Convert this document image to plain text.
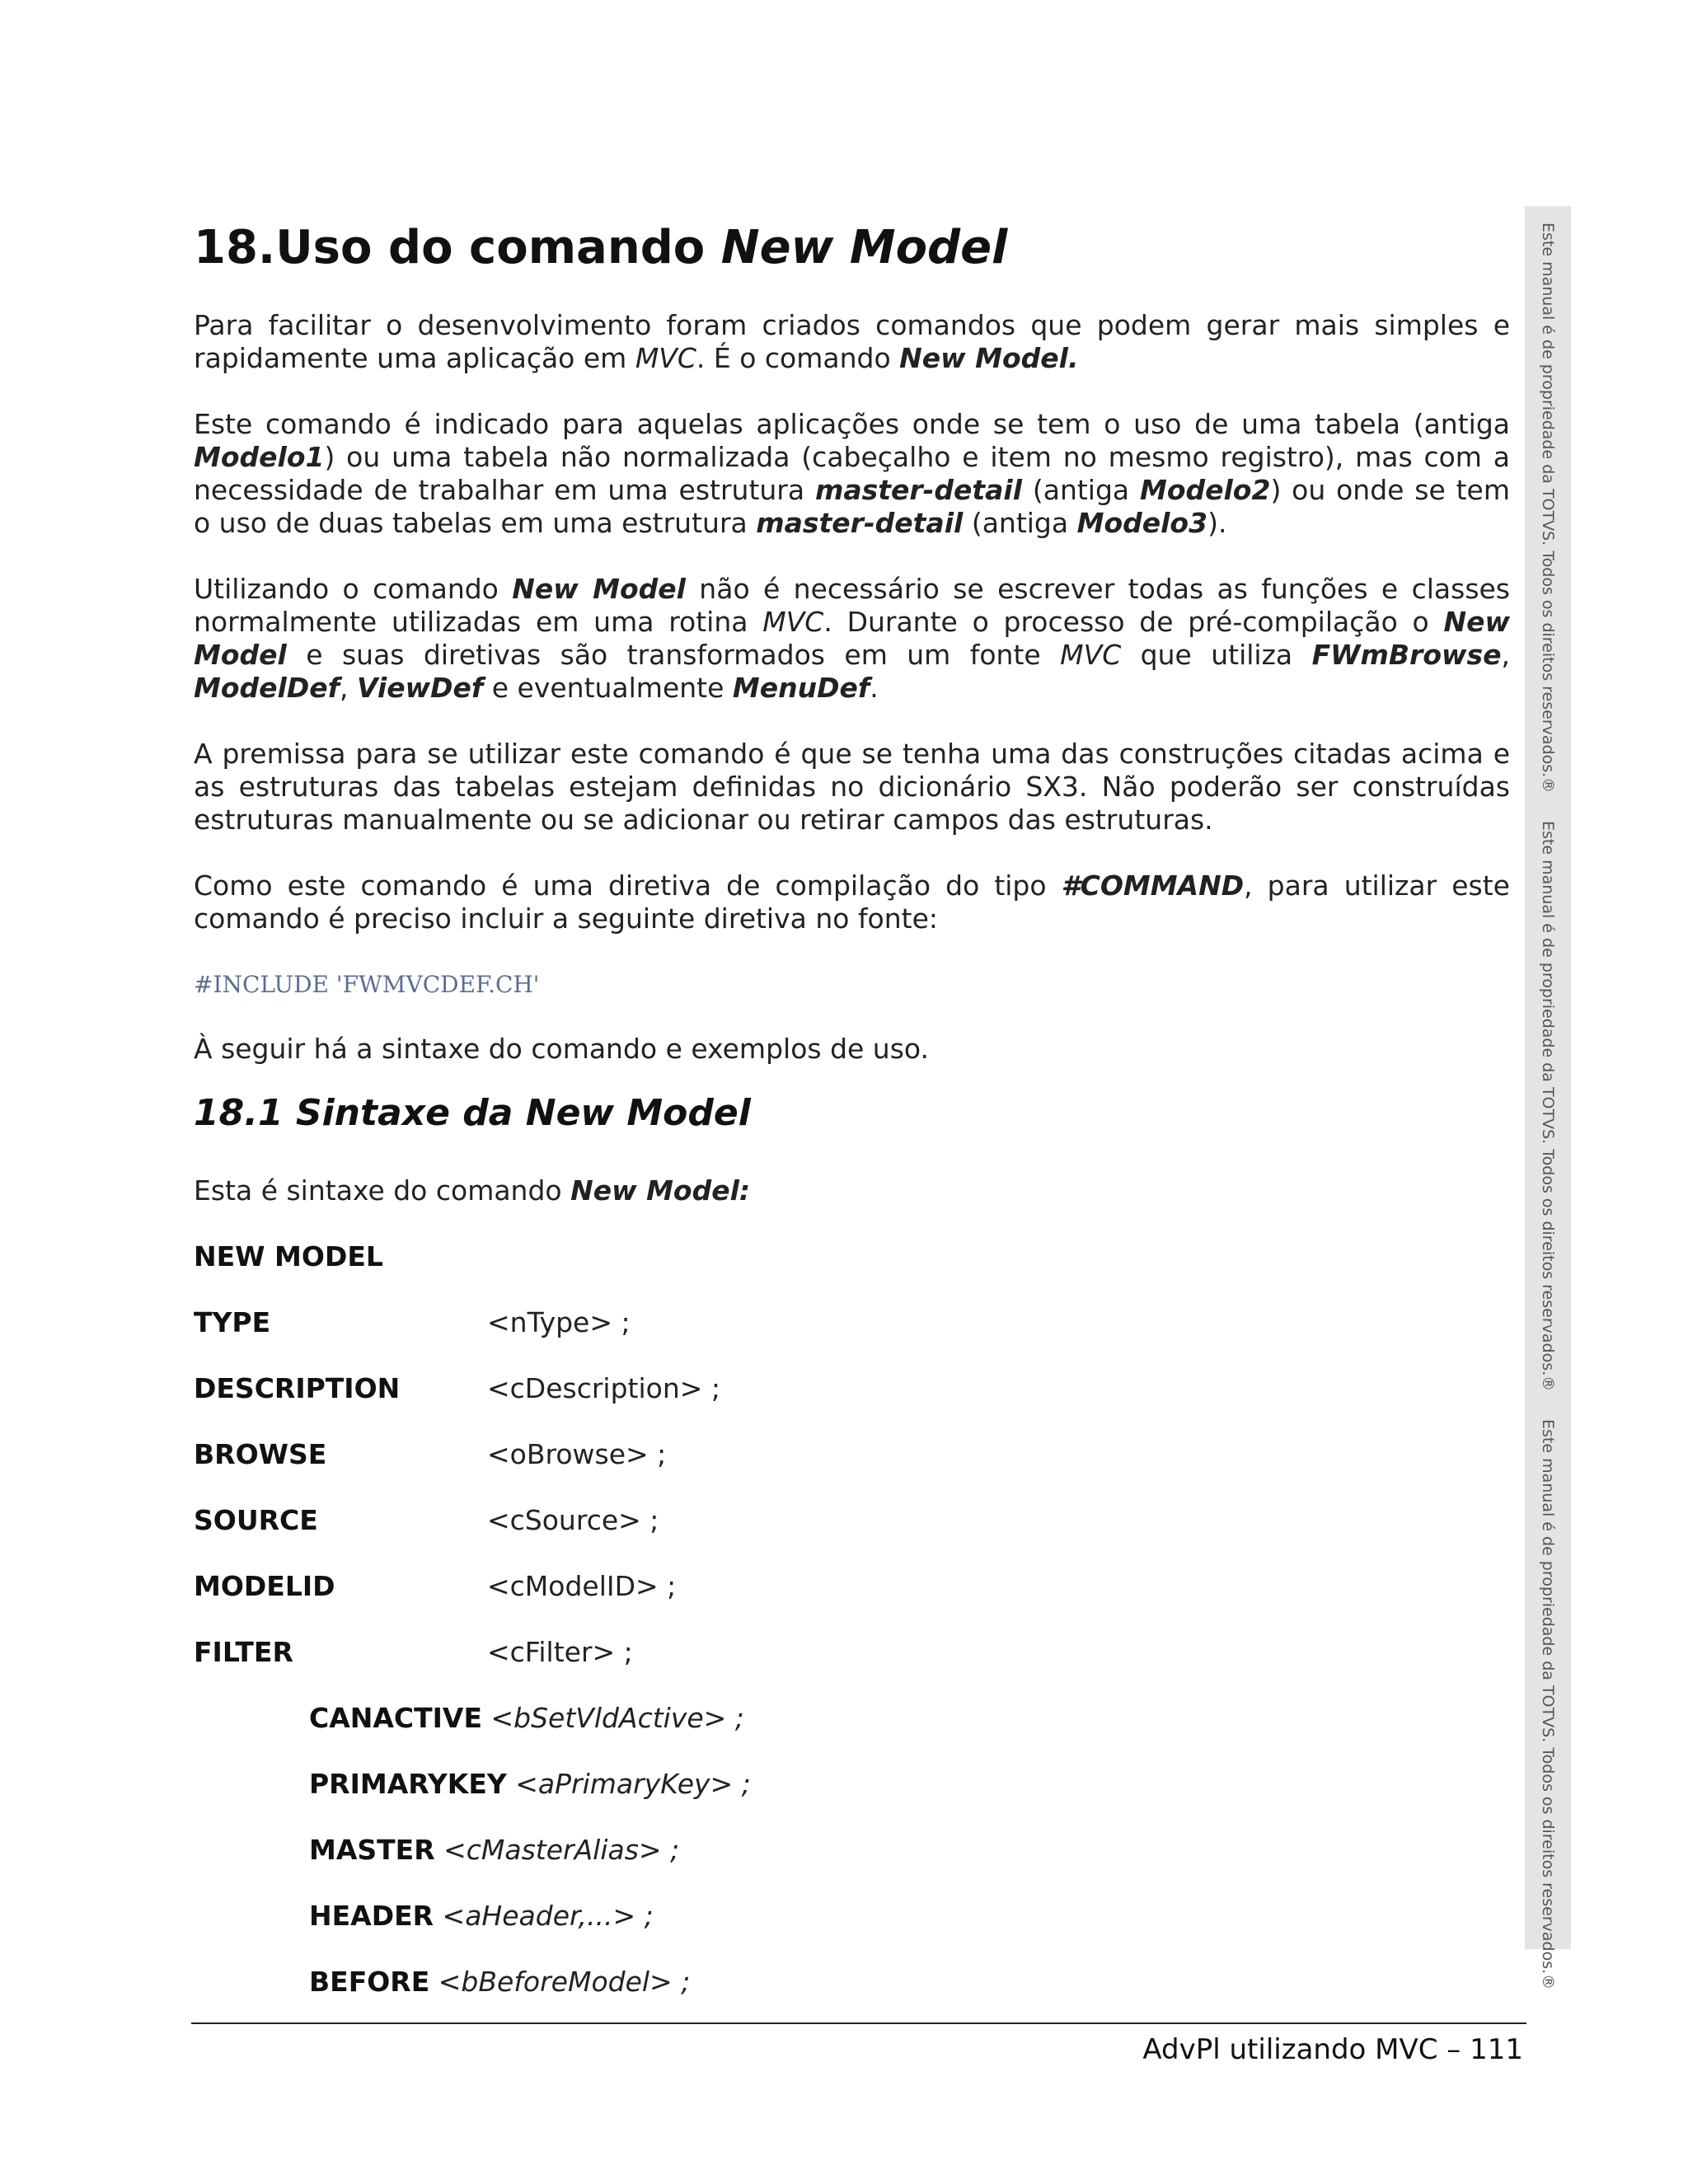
18.Uso do comando New Model

Para facilitar o desenvolvimento foram criados comandos que podem gerar mais simples e rapidamente uma aplicação em MVC. É o comando New Model.

Este comando é indicado para aquelas aplicações onde se tem o uso de uma tabela (antiga Modelo1) ou uma tabela não normalizada (cabeçalho e item no mesmo registro), mas com a necessidade de trabalhar em uma estrutura master-detail (antiga Modelo2) ou onde se tem o uso de duas tabelas em uma estrutura master-detail (antiga Modelo3).

Utilizando o comando New Model não é necessário se escrever todas as funções e classes normalmente utilizadas em uma rotina MVC. Durante o processo de pré-compilação o New Model e suas diretivas são transformados em um fonte MVC que utiliza FWmBrowse, ModelDef, ViewDef e eventualmente MenuDef.

A premissa para se utilizar este comando é que se tenha uma das construções citadas acima e as estruturas das tabelas estejam definidas no dicionário SX3. Não poderão ser construídas estruturas manualmente ou se adicionar ou retirar campos das estruturas.

Como este comando é uma diretiva de compilação do tipo #COMMAND, para utilizar este comando é preciso incluir a seguinte diretiva no fonte:

#INCLUDE 'FWMVCDEF.CH'

À seguir há a sintaxe do comando e exemplos de uso.

18.1 Sintaxe da New Model

Esta é sintaxe do comando New Model:

NEW MODEL
TYPE	<nType> ;
DESCRIPTION	<cDescription> ;
BROWSE	<oBrowse> ;
SOURCE	<cSource> ;
MODELID	<cModelID> ;
FILTER	<cFilter> ;
CANACTIVE <bSetVldActive> ;
PRIMARYKEY <aPrimaryKey> ;
MASTER <cMasterAlias> ;
HEADER <aHeader,...> ;
BEFORE <bBeforeModel> ;
Este manual é de propriedade da TOTVS. Todos os direitos reservados.®
Este manual é de propriedade da TOTVS. Todos os direitos reservados.®
Este manual é de propriedade da TOTVS. Todos os direitos reservados.®
AdvPl utilizando MVC – 111
